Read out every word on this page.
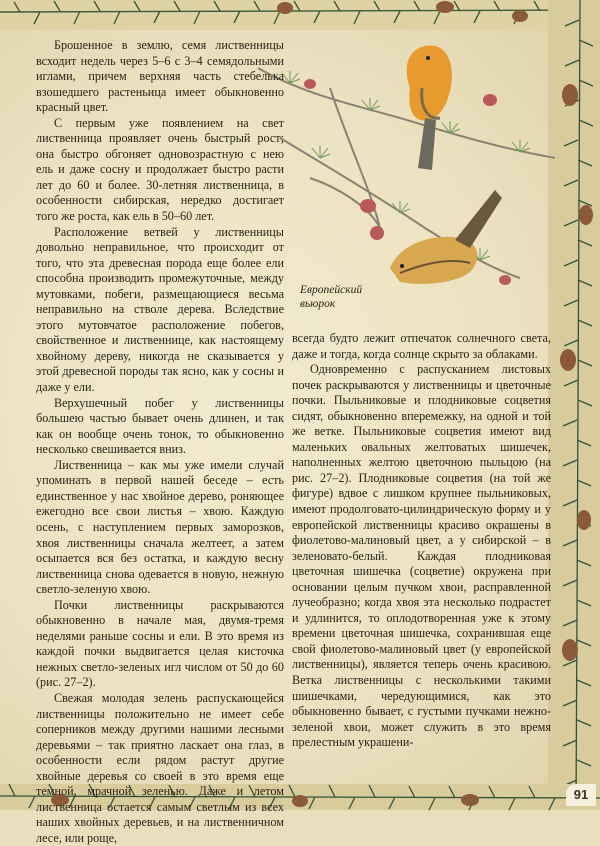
Европейский
вьюрок

Брошенное в землю, семя лиственницы всходит недель через 5–6 с 3–4 семядольными иглами, причем верхняя часть стебелька взошедшего растеньица имеет обыкновенно красный цвет.

С первым уже появлением на свет лиственница проявляет очень быстрый рост; она быстро обгоняет одновозрастную с нею ель и даже сосну и продолжает быстро расти лет до 60 и более. 30-летняя лиственница, в особенности сибирская, нередко достигает того же роста, как ель в 50–60 лет.

Расположение ветвей у лиственницы довольно неправильное, что происходит от того, что эта древесная порода еще более ели способна производить промежуточные, между мутовками, побеги, размещающиеся весьма неправильно на стволе дерева. Вследствие этого мутовчатое расположение побегов, свойственное и лиственнице, как настоящему хвойному дереву, никогда не сказывается у этой древесной породы так ясно, как у сосны и даже у ели.

Верхушечный побег у лиственницы большею частью бывает очень длинен, и так как он вообще очень тонок, то обыкновенно несколько свешивается вниз.

Лиственница – как мы уже имели случай упоминать в первой нашей беседе – есть единственное у нас хвойное дерево, роняющее ежегодно все свои листья – хвою. Каждую осень, с наступлением первых заморозков, хвоя лиственницы сначала желтеет, а затем осыпается вся без остатка, и каждую весну лиственница снова одевается в новую, нежную светло-зеленую хвою.

Почки лиственницы раскрываются обыкновенно в начале мая, двумя-тремя неделями раньше сосны и ели. В это время из каждой почки выдвигается целая кисточка нежных светло-зеленых игл числом от 50 до 60 (рис. 27–2).

Свежая молодая зелень распускающейся лиственницы положительно не имеет себе соперников между другими нашими лесными деревьями – так приятно ласкает она глаз, в особенности если рядом растут другие хвойные деревья со своей в это время еще темной, мрачной зеленью. Даже и летом лиственница остается самым светлым из всех наших хвойных деревьев, и на лиственничном лесе, или роще,

всегда будто лежит отпечаток солнечного света, даже и тогда, когда солнце скрыто за облаками.

Одновременно с распусканием листовых почек раскрываются у лиственницы и цветочные почки. Пыльниковые и плодниковые соцветия сидят, обыкновенно вперемежку, на одной и той же ветке. Пыльниковые соцветия имеют вид маленьких овальных желтоватых шишечек, наполненных желтою цветочною пыльцою (на рис. 27–2). Плодниковые соцветия (на той же фигуре) вдвое с лишком крупнее пыльниковых, имеют продолговато-цилиндрическую форму и у европейской лиственницы красиво окрашены в фиолетово-малиновый цвет, а у сибирской – в зеленовато-белый. Каждая плодниковая цветочная шишечка (соцветие) окружена при основании целым пучком хвои, расправленной лучеобразно; когда хвоя эта несколько подрастет и удлинится, то оплодотворенная уже к этому времени цветочная шишечка, сохранившая еще свой фиолетово-малиновый цвет (у европейской лиственницы), является теперь очень красивою. Ветка лиственницы с несколькими такими шишечками, чередующимися, как это обыкновенно бывает, с густыми пучками нежно-зеленой хвои, может служить в это время прелестным украшени-

91
